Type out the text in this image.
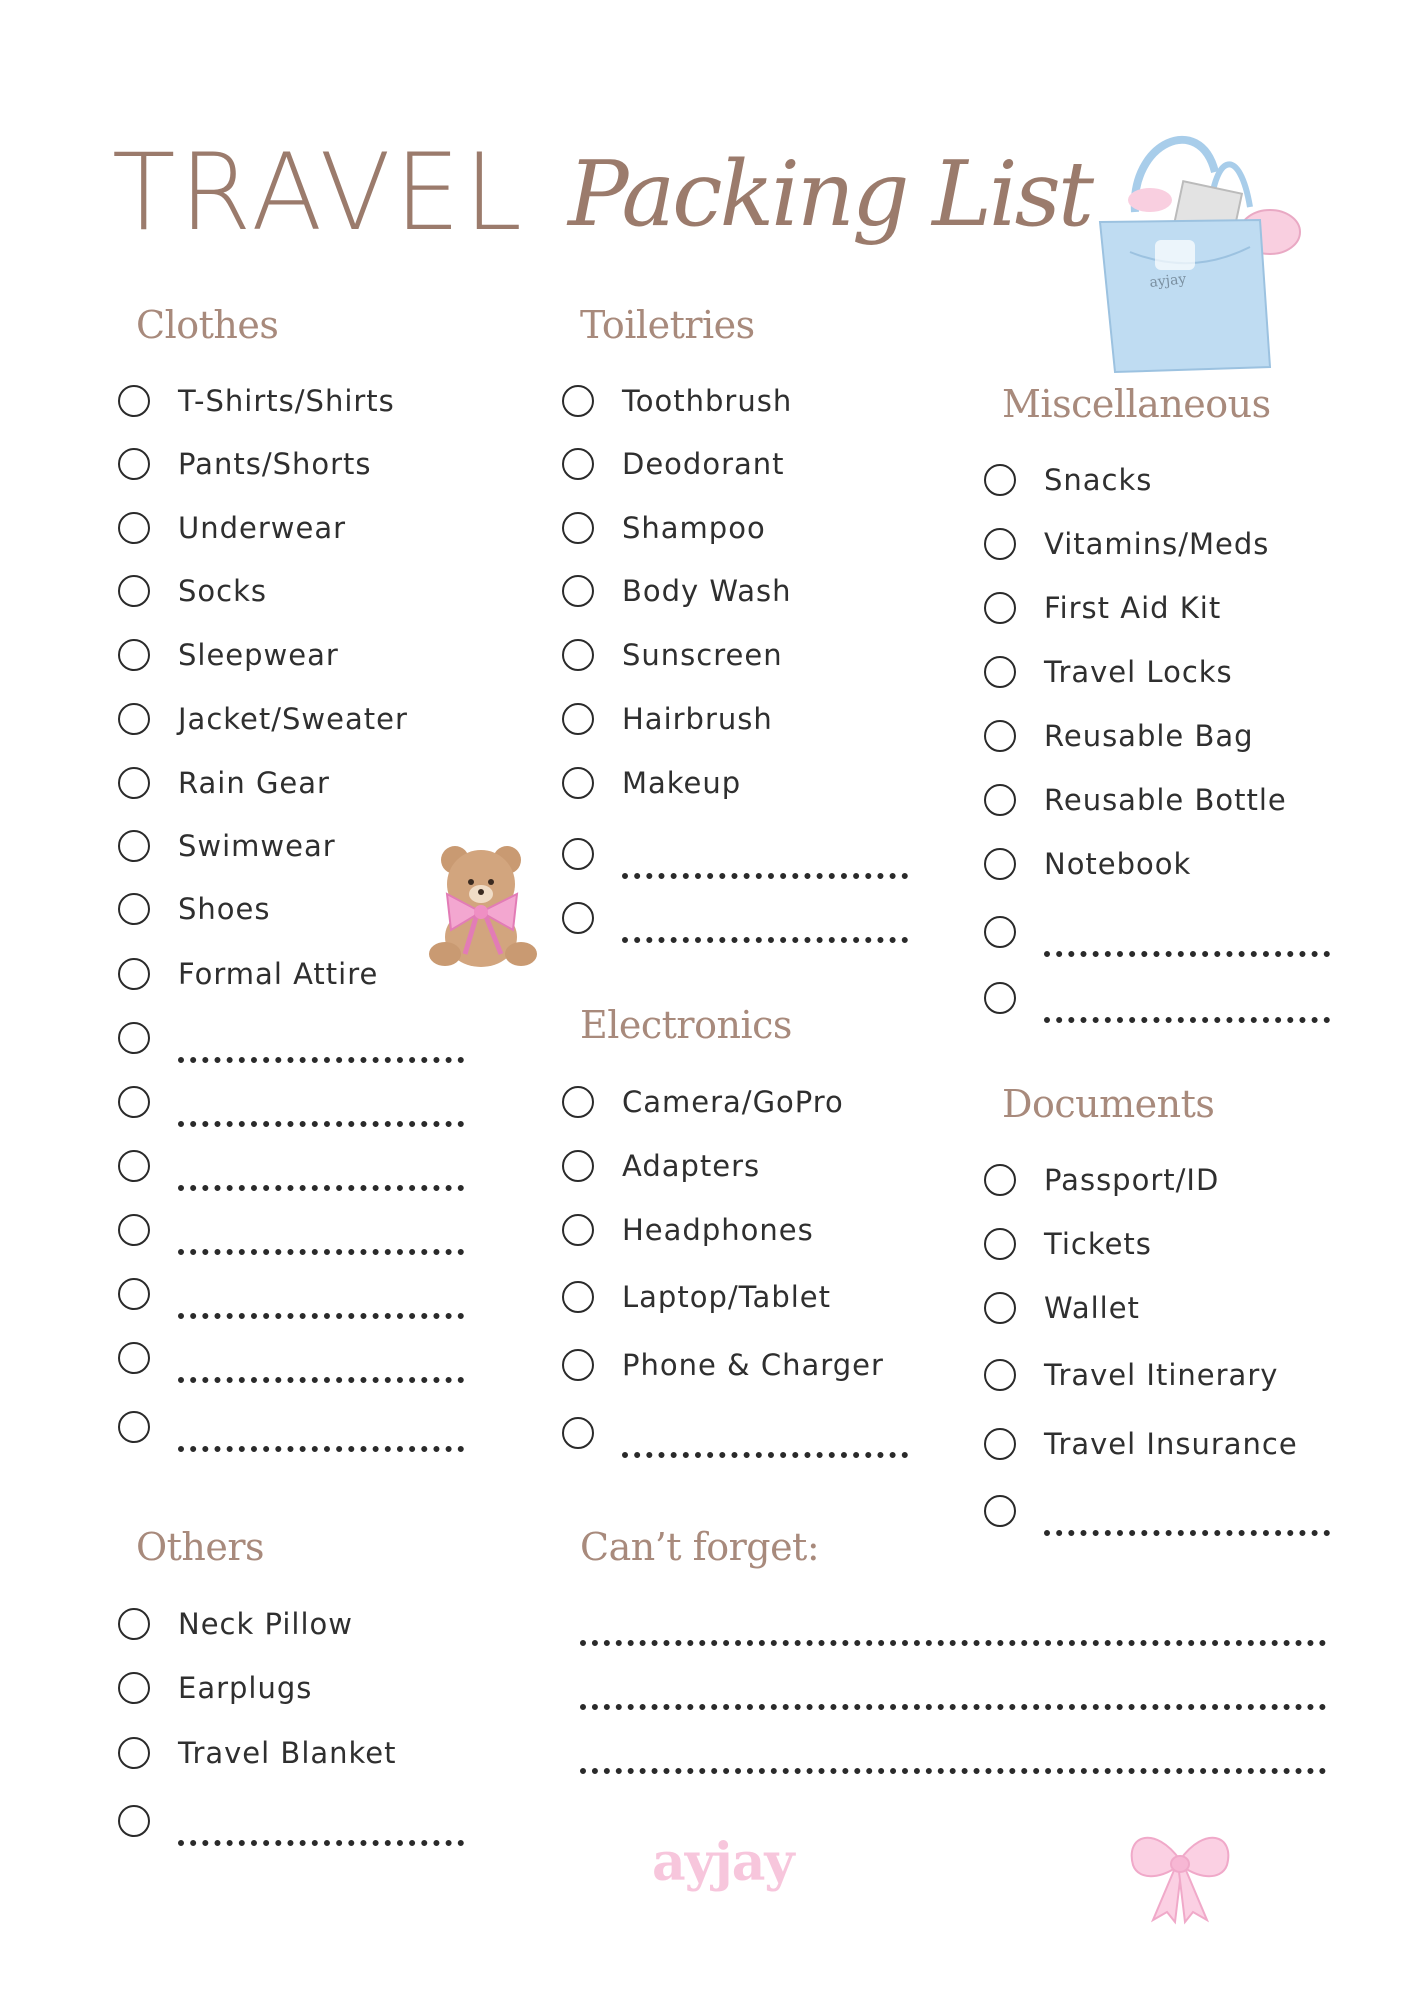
TRAVEL Packing List
ayjay
ayjay
Clothes
T-Shirts/Shirts
Pants/Shorts
Underwear
Socks
Sleepwear
Jacket/Sweater
Rain Gear
Swimwear
Shoes
Formal Attire
Toiletries
Toothbrush
Deodorant
Shampoo
Body Wash
Sunscreen
Hairbrush
Makeup
Electronics
Camera/GoPro
Adapters
Headphones
Laptop/Tablet
Phone & Charger
Miscellaneous
Snacks
Vitamins/Meds
First Aid Kit
Travel Locks
Reusable Bag
Reusable Bottle
Notebook
Documents
Passport/ID
Tickets
Wallet
Travel Itinerary
Travel Insurance
Others
Neck Pillow
Earplugs
Travel Blanket
Can’t forget:
